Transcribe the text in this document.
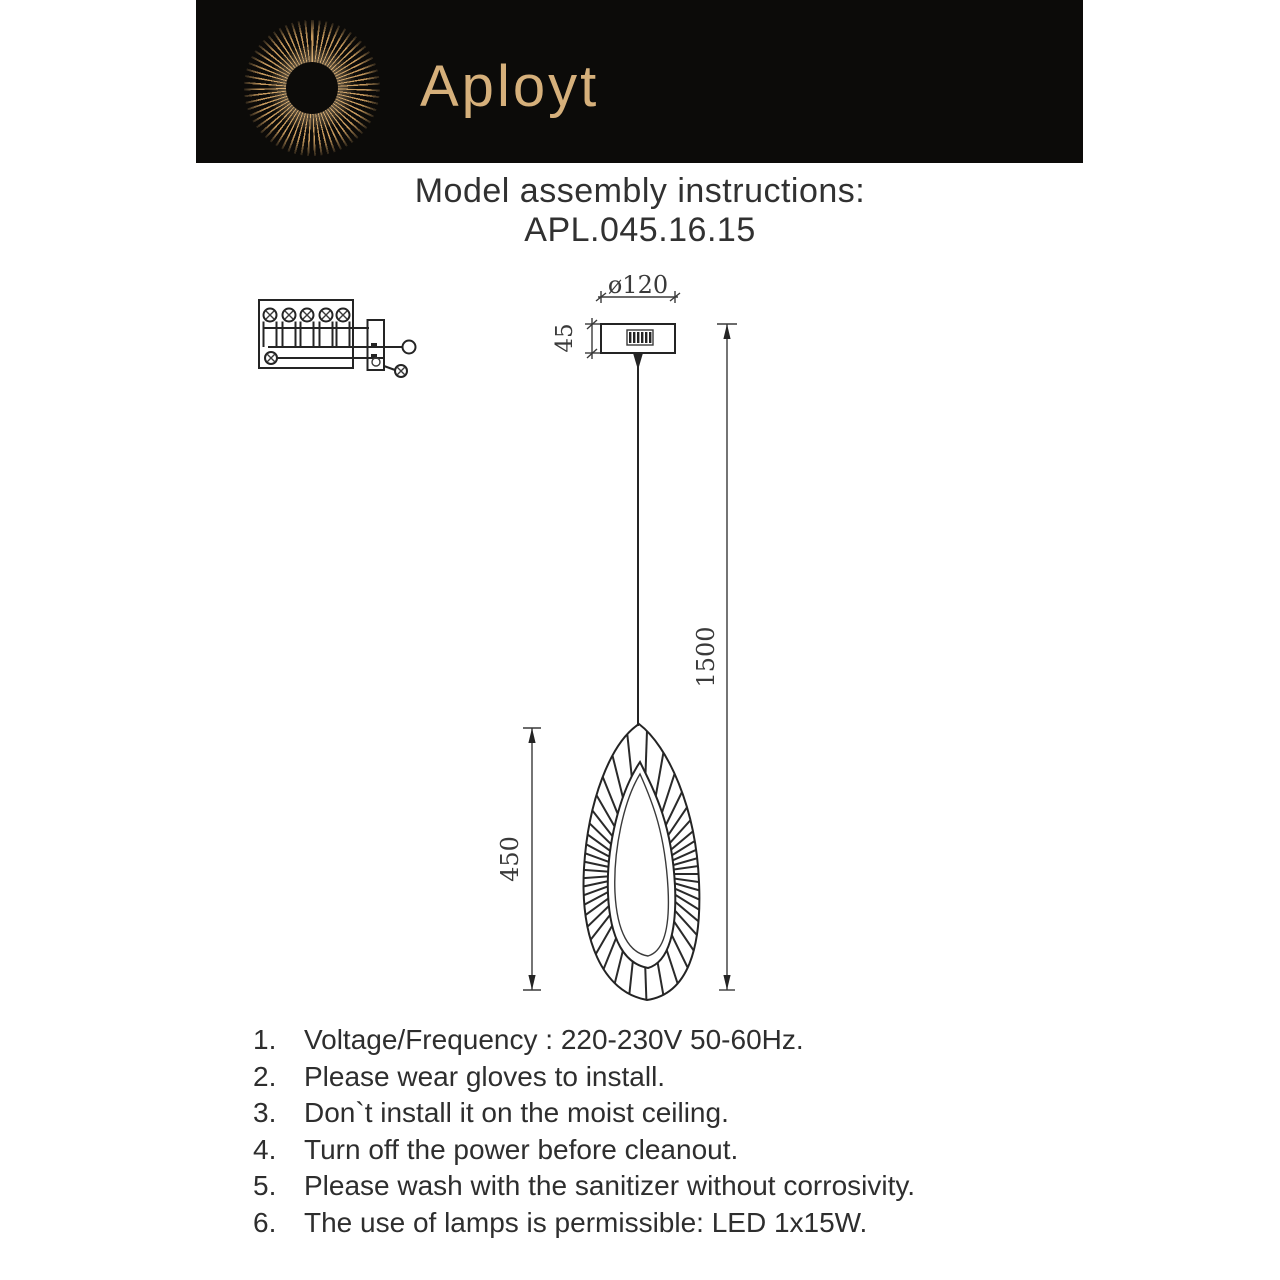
Aployt
Model assembly instructions:
APL.045.16.15
ø120
45
1500
450
1. Voltage/Frequency : 220-230V 50-60Hz.
2. Please wear gloves to install.
3. Don`t install it on the moist ceiling.
4. Turn off the power before cleanout.
5. Please wash with the sanitizer without corrosivity.
6. The use of lamps is permissible: LED 1x15W.
